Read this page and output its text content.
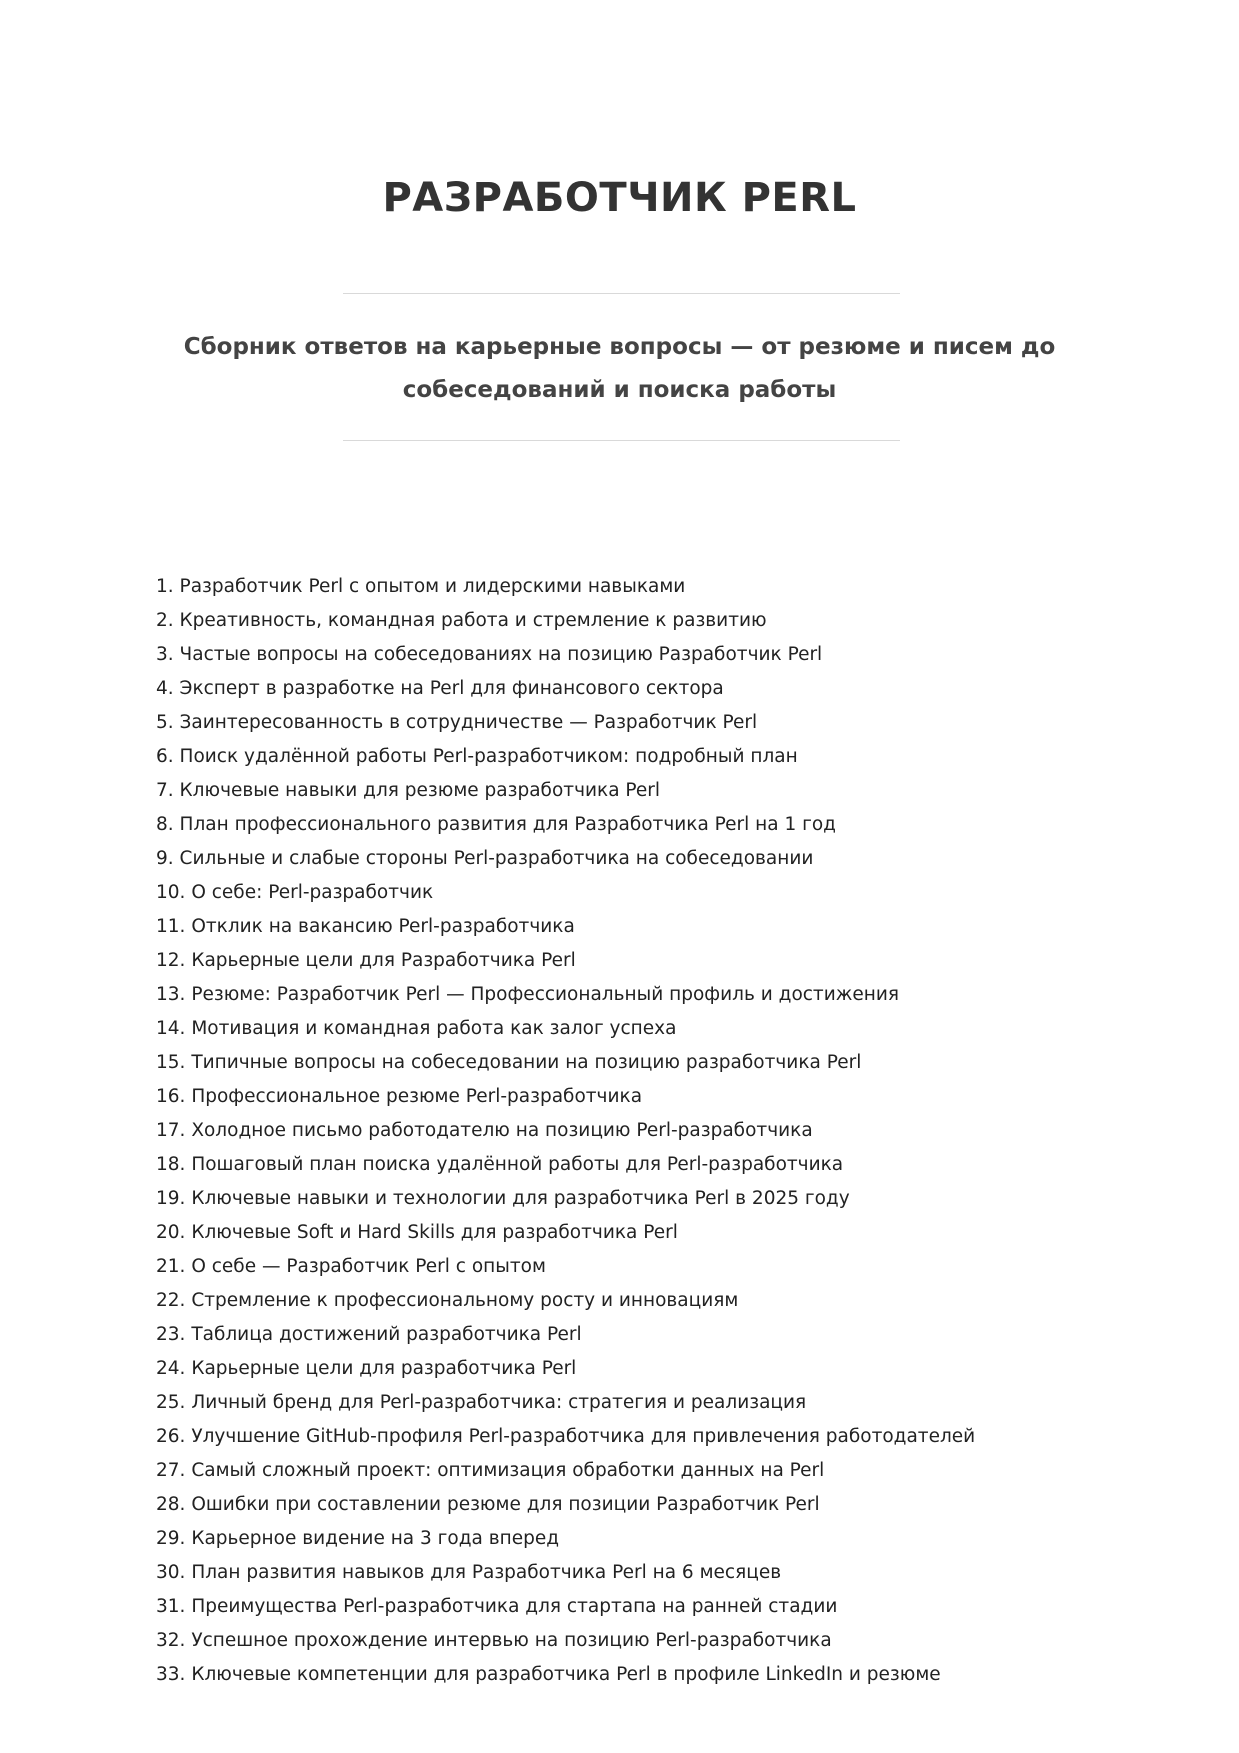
РАЗРАБОТЧИК PERL

Сборник ответов на карьерные вопросы — от резюме и писем до собеседований и поиска работы

1. Разработчик Perl с опытом и лидерскими навыками
2. Креативность, командная работа и стремление к развитию
3. Частые вопросы на собеседованиях на позицию Разработчик Perl
4. Эксперт в разработке на Perl для финансового сектора
5. Заинтересованность в сотрудничестве — Разработчик Perl
6. Поиск удалённой работы Perl-разработчиком: подробный план
7. Ключевые навыки для резюме разработчика Perl
8. План профессионального развития для Разработчика Perl на 1 год
9. Сильные и слабые стороны Perl-разработчика на собеседовании
10. О себе: Perl-разработчик
11. Отклик на вакансию Perl-разработчика
12. Карьерные цели для Разработчика Perl
13. Резюме: Разработчик Perl — Профессиональный профиль и достижения
14. Мотивация и командная работа как залог успеха
15. Типичные вопросы на собеседовании на позицию разработчика Perl
16. Профессиональное резюме Perl-разработчика
17. Холодное письмо работодателю на позицию Perl-разработчика
18. Пошаговый план поиска удалённой работы для Perl-разработчика
19. Ключевые навыки и технологии для разработчика Perl в 2025 году
20. Ключевые Soft и Hard Skills для разработчика Perl
21. О себе — Разработчик Perl с опытом
22. Стремление к профессиональному росту и инновациям
23. Таблица достижений разработчика Perl
24. Карьерные цели для разработчика Perl
25. Личный бренд для Perl-разработчика: стратегия и реализация
26. Улучшение GitHub-профиля Perl-разработчика для привлечения работодателей
27. Самый сложный проект: оптимизация обработки данных на Perl
28. Ошибки при составлении резюме для позиции Разработчик Perl
29. Карьерное видение на 3 года вперед
30. План развития навыков для Разработчика Perl на 6 месяцев
31. Преимущества Perl-разработчика для стартапа на ранней стадии
32. Успешное прохождение интервью на позицию Perl-разработчика
33. Ключевые компетенции для разработчика Perl в профиле LinkedIn и резюме
